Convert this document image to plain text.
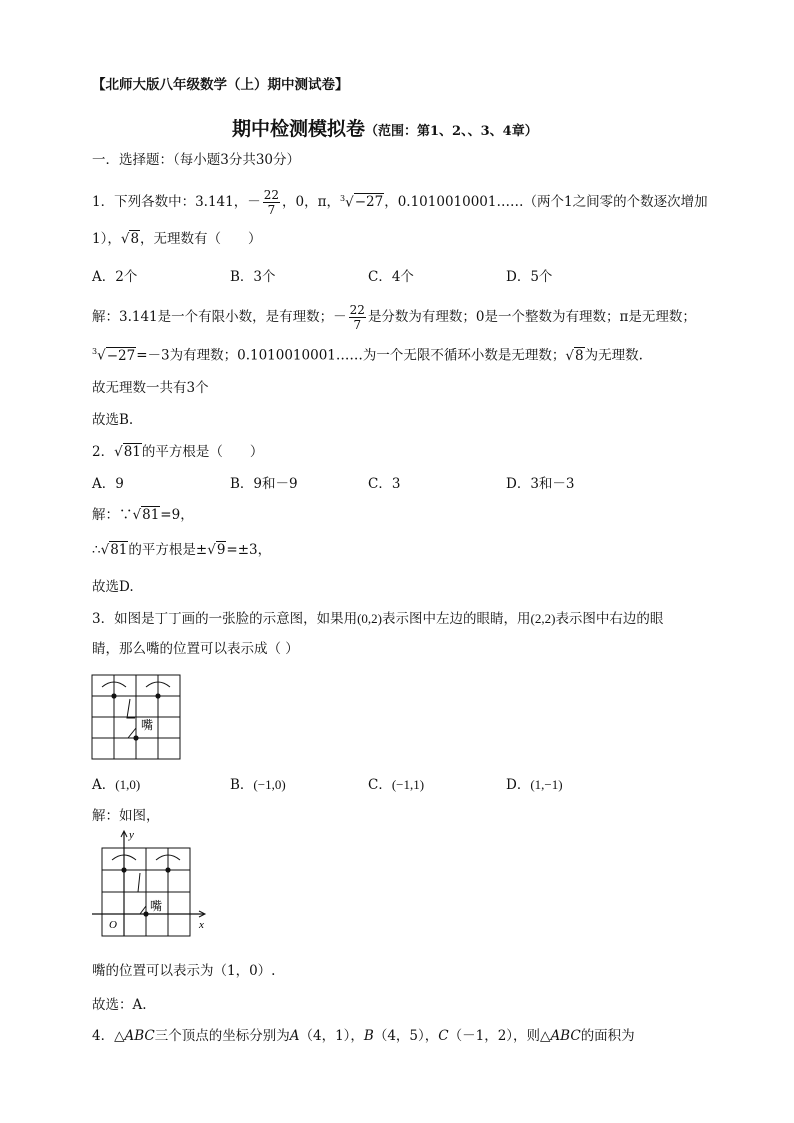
【北师大版八年级数学（上）期中测试卷】
期中检测模拟卷（范围：第1、2、、3、4章）
一．选择题：（每小题3分共30分）
1．下列各数中：3.141，－ $\frac{22}{7}$ ，0，π，$^3$√−27，0.1010010001……（两个1之间零的个数逐次增加
1），√8，无理数有（　　）
A．2个	B．3个	C．4个	D．5个
解：3.141是一个有限小数，是有理数；－ $\frac{22}{7}$ 是分数为有理数；0是一个整数为有理数；π是无理数；
$^3$√−27=－3为有理数；0.1010010001……为一个无限不循环小数是无理数；√8为无理数.
故无理数一共有3个
故选B.
2．√81的平方根是（　　）
A．9	B．9和－9	C．3	D．3和－3
解：∵√81=9，
∴√81的平方根是±√9=±3，
故选D.
3．如图是丁丁画的一张脸的示意图，如果用(0,2)表示图中左边的眼睛，用(2,2)表示图中右边的眼
睛，那么嘴的位置可以表示成（ ）
嘴
A．(1,0)	B．(−1,0)	C．(−1,1)	D．(1,−1)
解：如图，
y
x
O
嘴
嘴的位置可以表示为（1，0）.
故选：A.
4．△ABC三个顶点的坐标分别为A（4，1），B（4，5），C（－1，2），则△ABC的面积为
